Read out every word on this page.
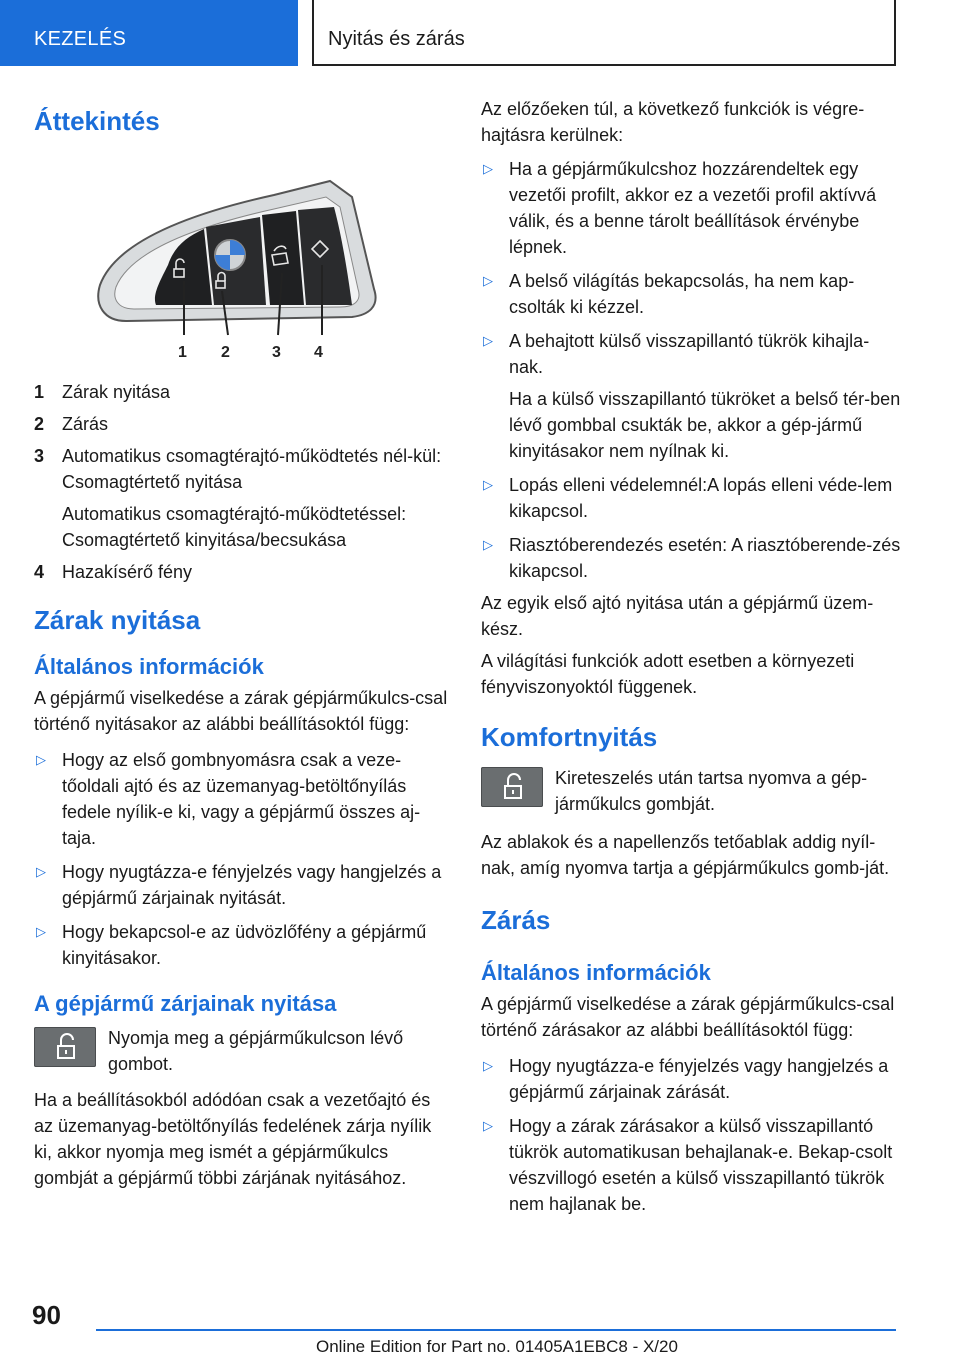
KEZELÉS	Nyitás és zárás
Áttekintés
1 2	3 4
1 Zárak nyitása

2 Zárás

3 Automatikus csomagtérajtó-működtetés nél-kül: Csomagtértető nyitása

Automatikus csomagtérajtó-működtetéssel: Csomagtértető kinyitása/becsukása

4 Hazakísérő fény

Zárak nyitása
Általános információk

A gépjármű viselkedése a zárak gépjárműkulcs-csal történő nyitásakor az alábbi beállításoktól függ:

▷ Hogy az első gombnyomásra csak a veze-tőoldali ajtó és az üzemanyag-betöltőnyílás fedele nyílik-e ki, vagy a gépjármű összes aj-taja.

▷ Hogy nyugtázza-e fényjelzés vagy hangjelzés a gépjármű zárjainak nyitását.

▷ Hogy bekapcsol-e az üdvözlőfény a gépjármű kinyitásakor.

A gépjármű zárjainak nyitása

Nyomja meg a gépjárműkulcson lévő gombot.

Ha a beállításokból adódóan csak a vezetőajtó és az üzemanyag-betöltőnyílás fedelének zárja nyílik ki, akkor nyomja meg ismét a gépjárműkulcs gombját a gépjármű többi zárjának nyitásához.

Az előzőeken túl, a következő funkciók is végre-hajtásra kerülnek:

▷ Ha a gépjárműkulcshoz hozzárendeltek egy vezetői profilt, akkor ez a vezetői profil aktívvá válik, és a benne tárolt beállítások érvénybe lépnek.

▷ A belső világítás bekapcsolás, ha nem kap-csolták ki kézzel.

▷ A behajtott külső visszapillantó tükrök kihajla-nak.

Ha a külső visszapillantó tükröket a belső tér-ben lévő gombbal csukták be, akkor a gép-jármű kinyitásakor nem nyílnak ki.

▷ Lopás elleni védelemnél:A lopás elleni véde-lem kikapcsol.

▷ Riasztóberendezés esetén: A riasztóberende-zés kikapcsol.

Az egyik első ajtó nyitása után a gépjármű üzem-kész.

A világítási funkciók adott esetben a környezeti fényviszonyoktól függenek.

Komfortnyitás

Kireteszelés után tartsa nyomva a gép-járműkulcs gombját.

Az ablakok és a napellenzős tetőablak addig nyíl-nak, amíg nyomva tartja a gépjárműkulcs gomb-ját.

Zárás
Általános információk

A gépjármű viselkedése a zárak gépjárműkulcs-csal történő zárásakor az alábbi beállításoktól függ:

▷ Hogy nyugtázza-e fényjelzés vagy hangjelzés a gépjármű zárjainak zárását.

▷ Hogy a zárak zárásakor a külső visszapillantó tükrök automatikusan behajlanak-e. Bekap-csolt vészvillogó esetén a külső visszapillantó tükrök nem hajlanak be.

90
Online Edition for Part no. 01405A1EBC8 - X/20
